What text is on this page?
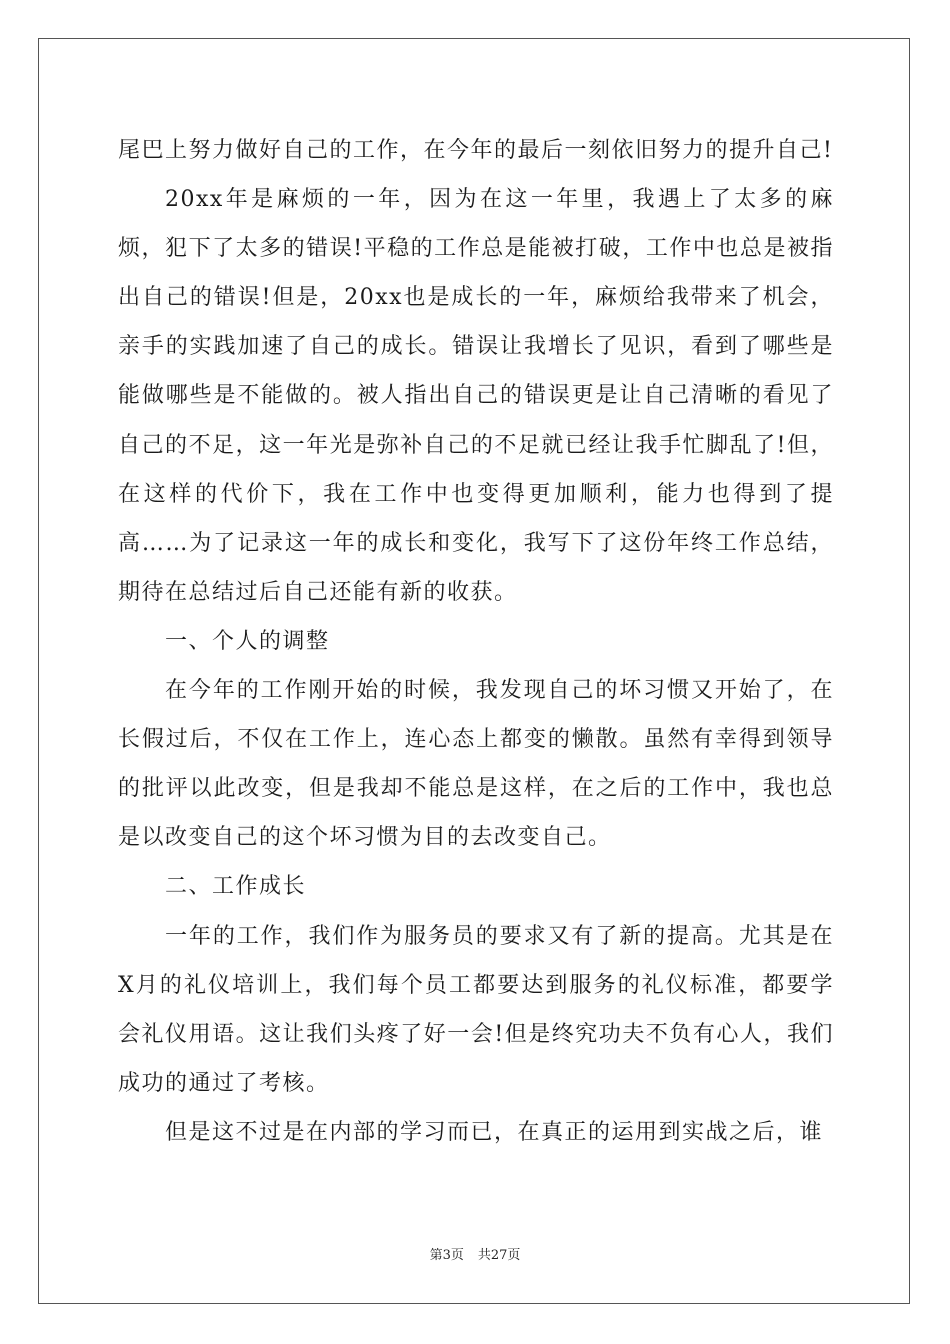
尾巴上努力做好自己的工作，在今年的最后一刻依旧努力的提升自己!

20xx年是麻烦的一年，因为在这一年里，我遇上了太多的麻烦，犯下了太多的错误!平稳的工作总是能被打破，工作中也总是被指出自己的错误!但是，20xx也是成长的一年，麻烦给我带来了机会，亲手的实践加速了自己的成长。错误让我增长了见识，看到了哪些是能做哪些是不能做的。被人指出自己的错误更是让自己清晰的看见了自己的不足，这一年光是弥补自己的不足就已经让我手忙脚乱了!但，在这样的代价下，我在工作中也变得更加顺利，能力也得到了提高……为了记录这一年的成长和变化，我写下了这份年终工作总结，期待在总结过后自己还能有新的收获。

一、个人的调整

在今年的工作刚开始的时候，我发现自己的坏习惯又开始了，在长假过后，不仅在工作上，连心态上都变的懒散。虽然有幸得到领导的批评以此改变，但是我却不能总是这样，在之后的工作中，我也总是以改变自己的这个坏习惯为目的去改变自己。

二、工作成长

一年的工作，我们作为服务员的要求又有了新的提高。尤其是在X月的礼仪培训上，我们每个员工都要达到服务的礼仪标准，都要学会礼仪用语。这让我们头疼了好一会!但是终究功夫不负有心人，我们成功的通过了考核。

但是这不过是在内部的学习而已，在真正的运用到实战之后，谁

第3页 共27页
